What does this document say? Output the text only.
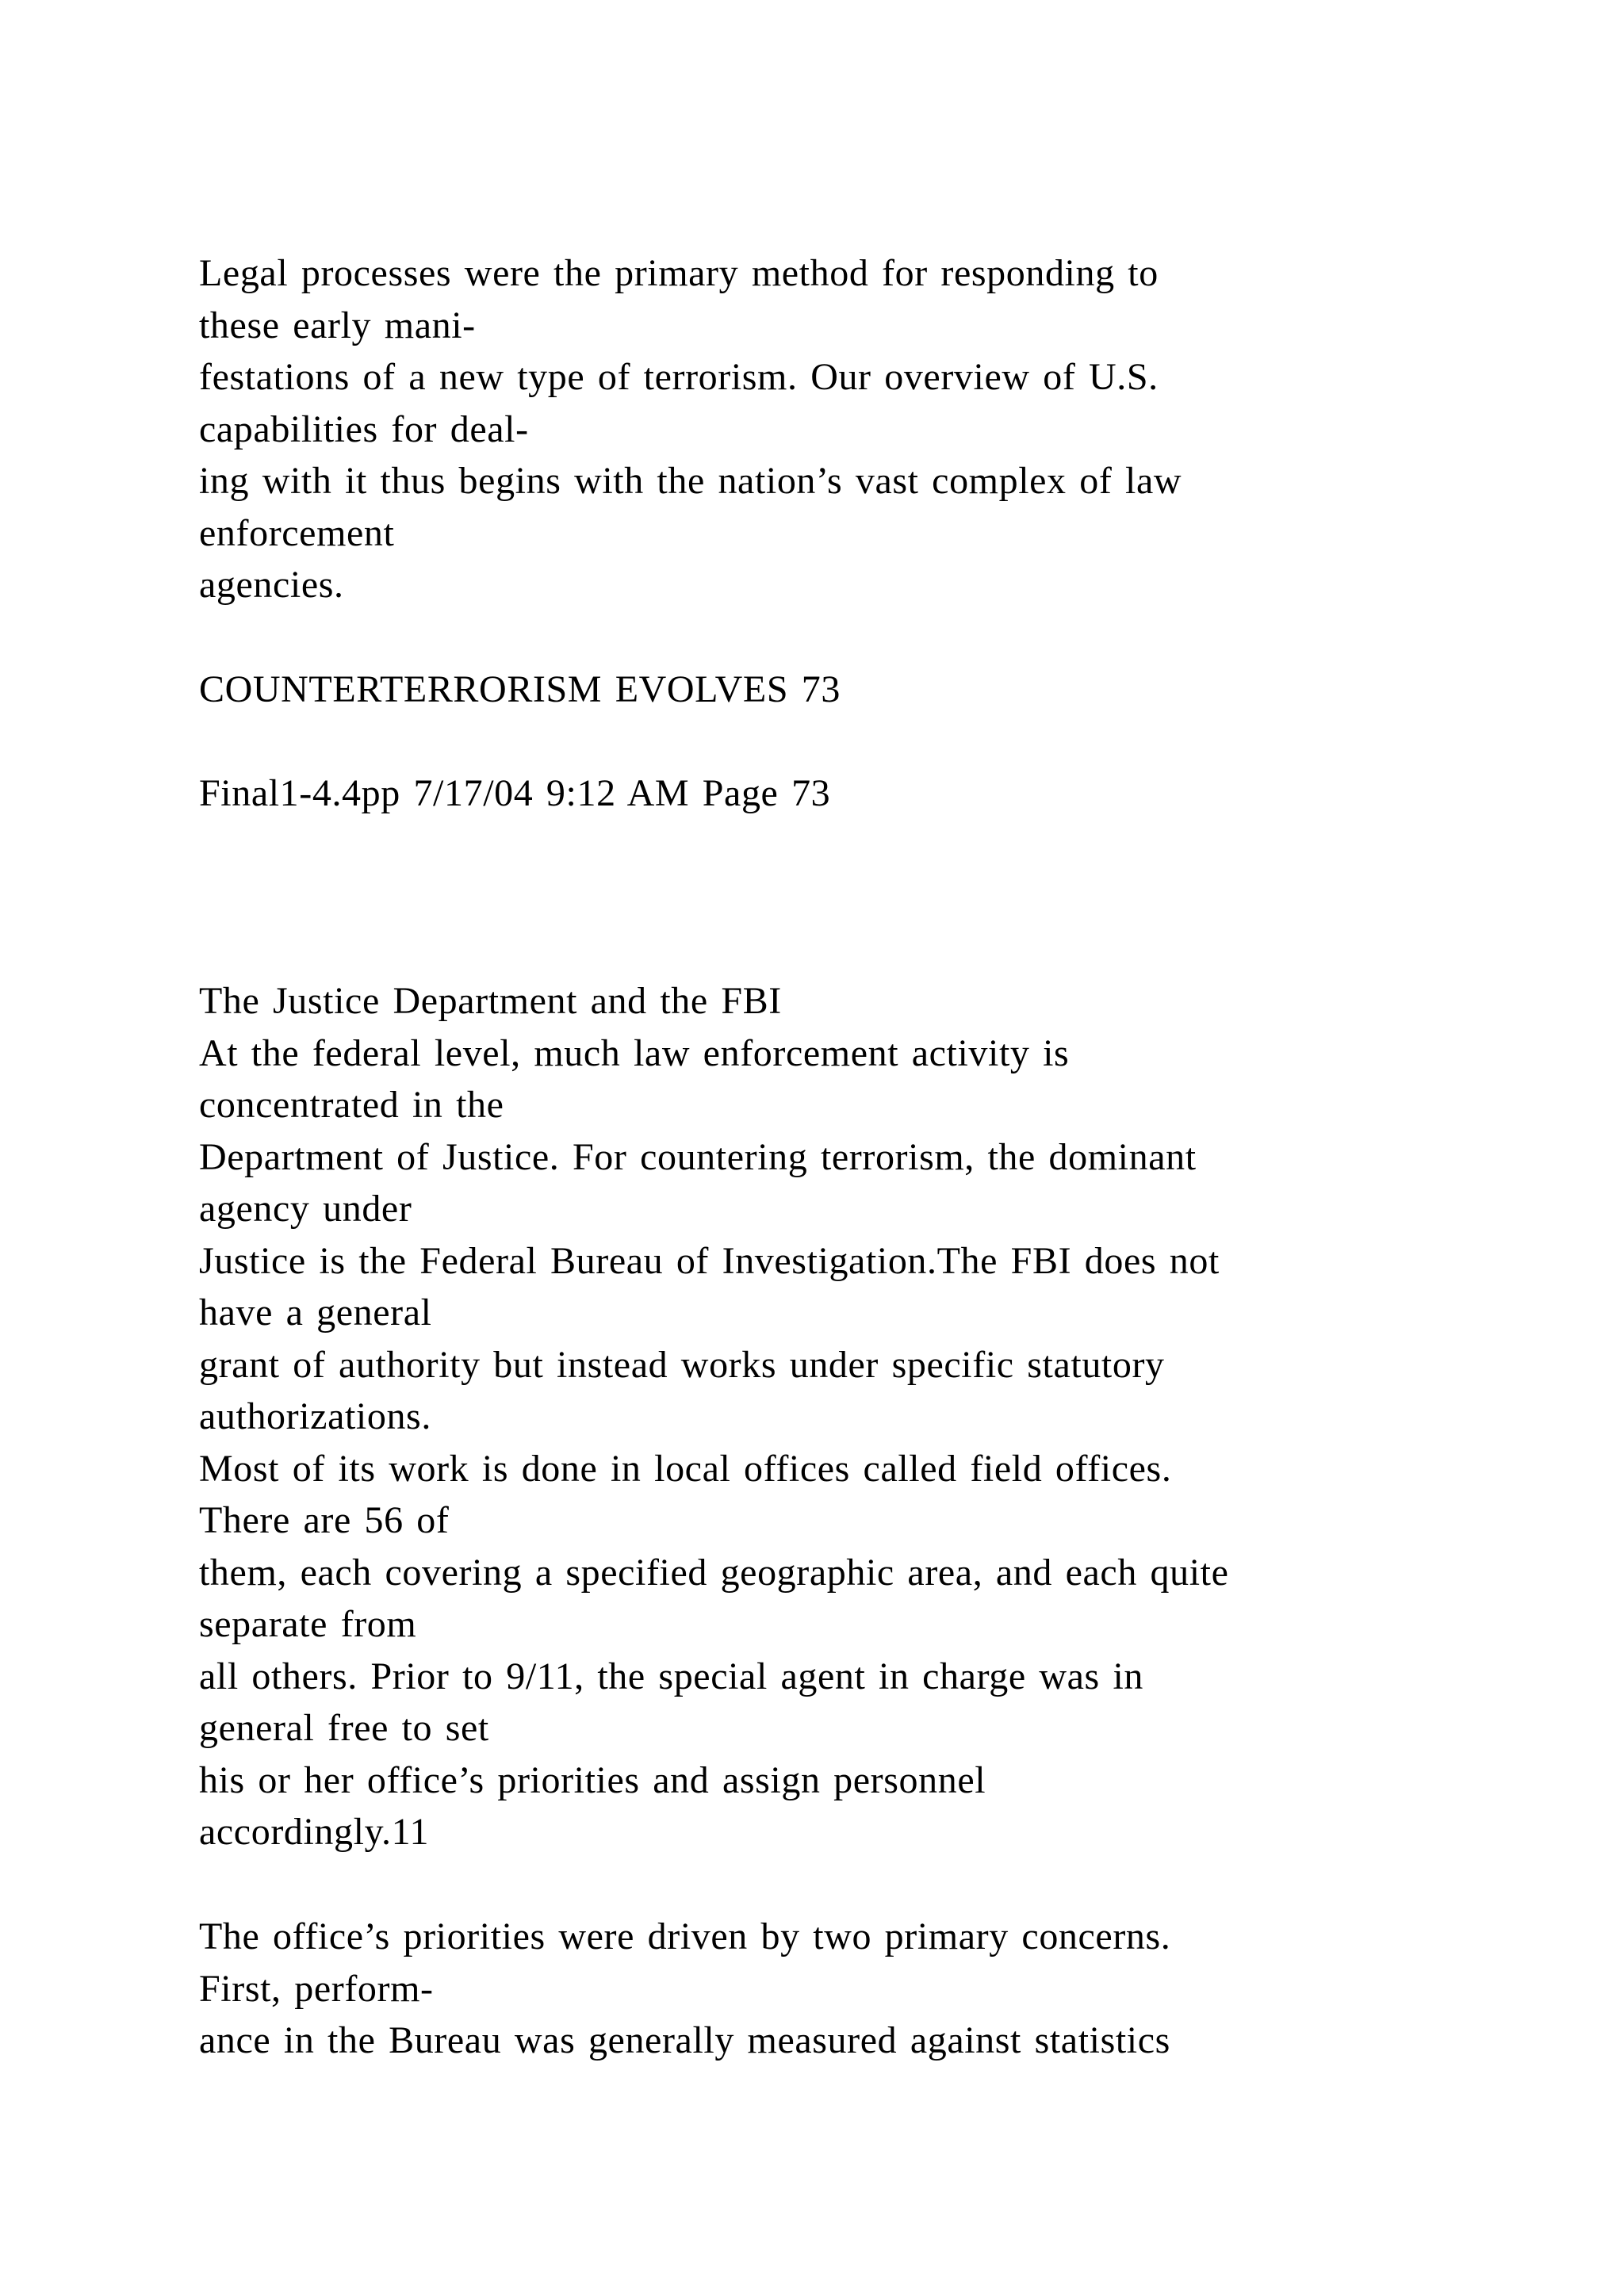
Legal processes were the primary method for responding to
these early mani-
festations of a new type of terrorism. Our overview of U.S.
capabilities for deal-
ing with it thus begins with the nation’s vast complex of law
enforcement
agencies.
COUNTERTERRORISM EVOLVES 73
Final1-4.4pp 7/17/04 9:12 AM Page 73
The Justice Department and the FBI
At the federal level, much law enforcement activity is
concentrated in the
Department of Justice. For countering terrorism, the dominant
agency under
Justice is the Federal Bureau of Investigation.The FBI does not
have a general
grant of authority but instead works under specific statutory
authorizations.
Most of its work is done in local offices called field offices.
There are 56 of
them, each covering a specified geographic area, and each quite
separate from
all others. Prior to 9/11, the special agent in charge was in
general free to set
his or her office’s priorities and assign personnel
accordingly.11
The office’s priorities were driven by two primary concerns.
First, perform-
ance in the Bureau was generally measured against statistics
